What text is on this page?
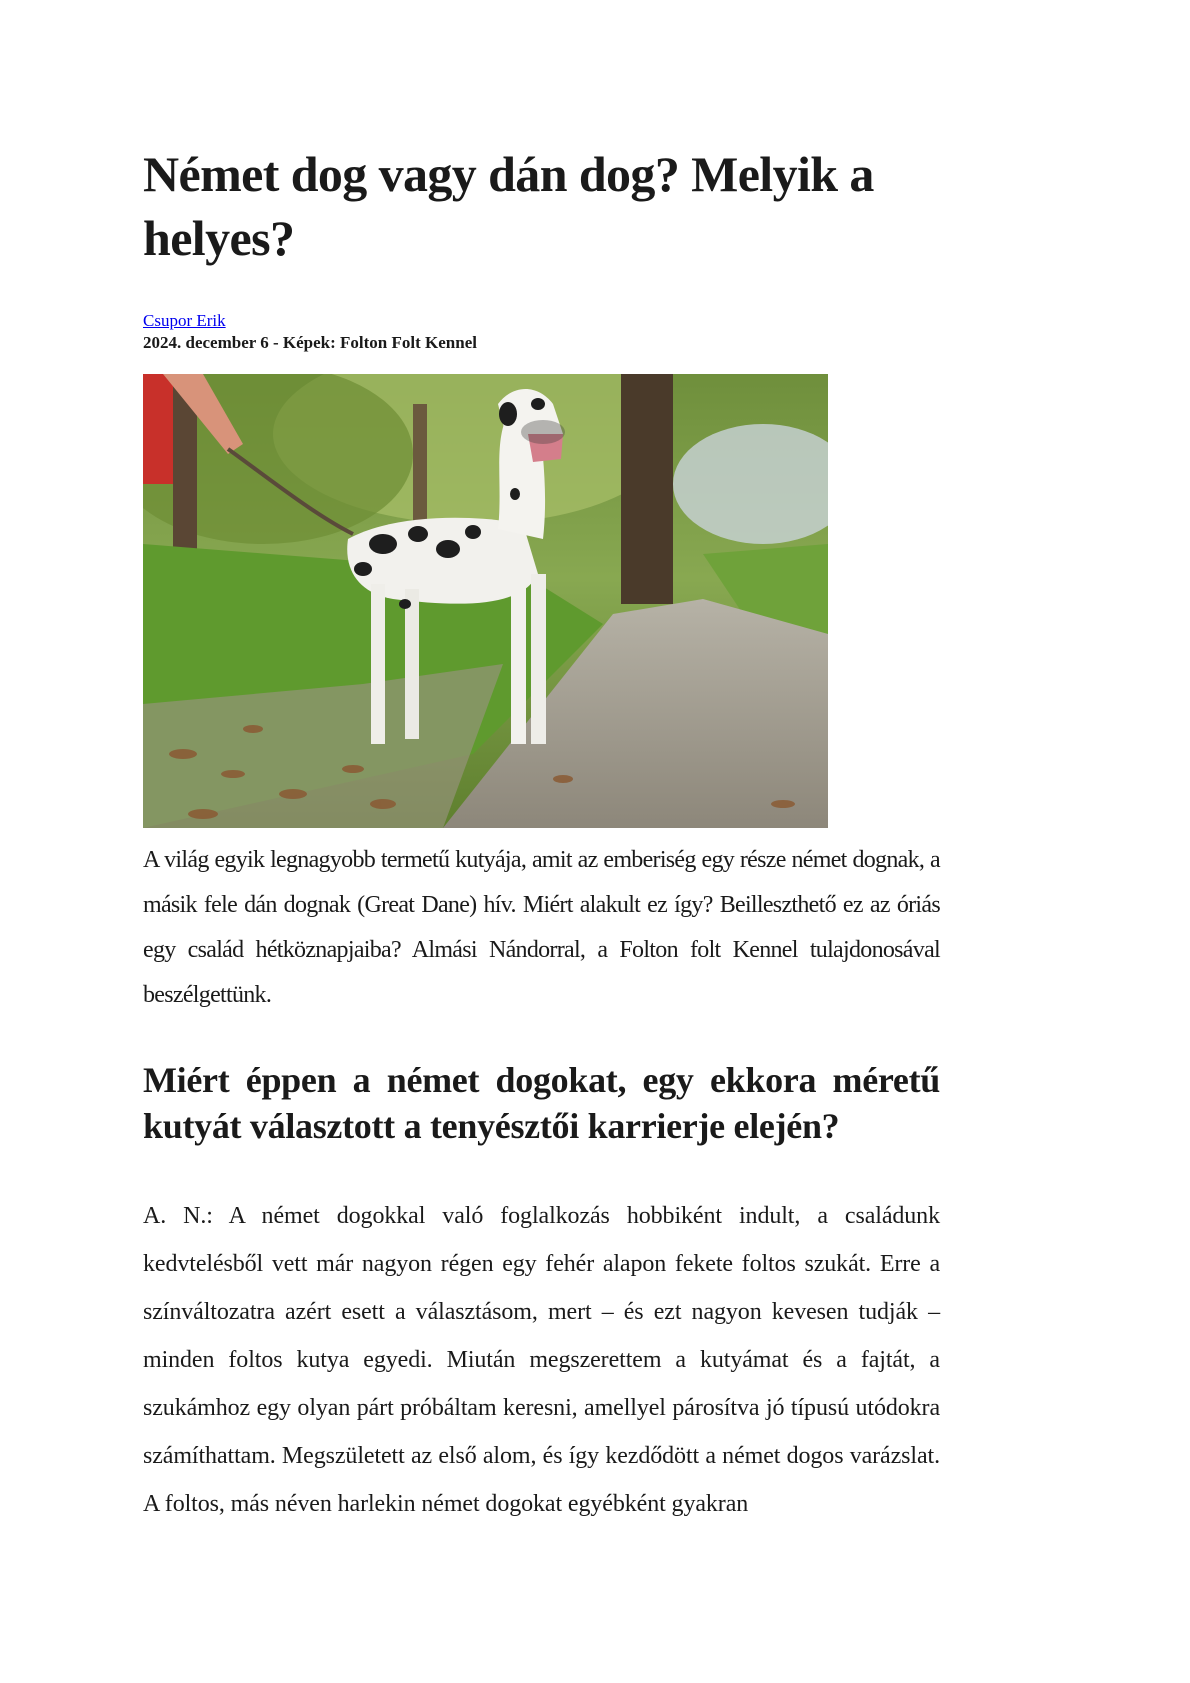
Német dog vagy dán dog? Melyik a helyes?
Csupor Erik
2024. december 6 - Képek: Folton Folt Kennel

A világ egyik legnagyobb termetű kutyája, amit az emberiség egy része német dognak, a másik fele dán dognak (Great Dane) hív. Miért alakult ez így? Beilleszthető ez az óriás egy család hétköznapjaiba? Almási Nándorral, a Folton folt Kennel tulajdonosával beszélgettünk.

Miért éppen a német dogokat, egy ekkora méretű kutyát választott a tenyésztői karrierje elején?

A. N.: A német dogokkal való foglalkozás hobbiként indult, a családunk kedvtelésből vett már nagyon régen egy fehér alapon fekete foltos szukát. Erre a színváltozatra azért esett a választásom, mert – és ezt nagyon kevesen tudják – minden foltos kutya egyedi. Miután megszerettem a kutyámat és a fajtát, a szukámhoz egy olyan párt próbáltam keresni, amellyel párosítva jó típusú utódokra számíthattam. Megszületett az első alom, és így kezdődött a német dogos varázslat. A foltos, más néven harlekin német dogokat egyébként gyakran
